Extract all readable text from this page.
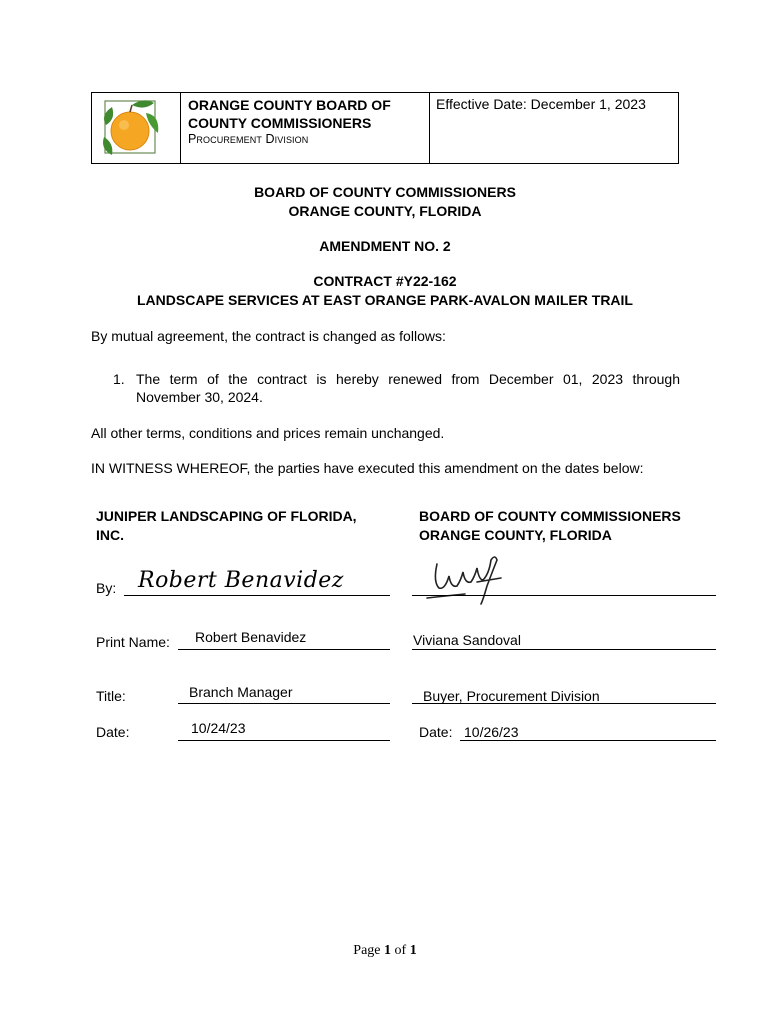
ORANGE COUNTY BOARD OF
COUNTY COMMISSIONERS
Procurement Division
Effective Date: December 1, 2023
BOARD OF COUNTY COMMISSIONERS
ORANGE COUNTY, FLORIDA
AMENDMENT NO. 2
CONTRACT #Y22-162
LANDSCAPE SERVICES AT EAST ORANGE PARK-AVALON MAILER TRAIL
By mutual agreement, the contract is changed as follows:
1. The term of the contract is hereby renewed from December 01, 2023 through
November 30, 2024.
All other terms, conditions and prices remain unchanged.
IN WITNESS WHEREOF, the parties have executed this amendment on the dates below:
JUNIPER LANDSCAPING OF FLORIDA,
INC.
BOARD OF COUNTY COMMISSIONERS
ORANGE COUNTY, FLORIDA
By: Robert Benavidez
Print Name: Robert Benavidez	Viviana Sandoval
Title:	Branch Manager	Buyer, Procurement Division
Date:	10/24/23	Date: 10/26/23
Page 1 of 1
